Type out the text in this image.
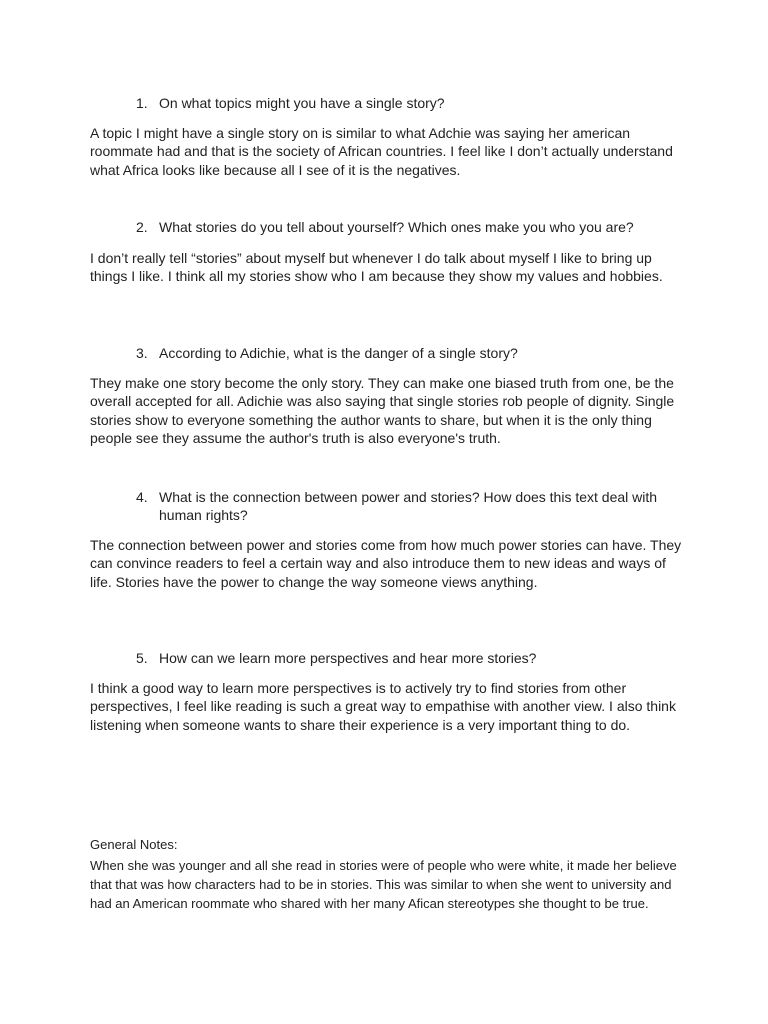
1. On what topics might you have a single story?
A topic I might have a single story on is similar to what Adchie was saying her american roommate had and that is the society of African countries. I feel like I don’t actually understand what Africa looks like because all I see of it is the negatives.
2. What stories do you tell about yourself? Which ones make you who you are?
I don’t really tell “stories” about myself but whenever I do talk about myself I like to bring up things I like. I think all my stories show who I am because they show my values and hobbies.
3. According to Adichie, what is the danger of a single story?
They make one story become the only story. They can make one biased truth from one, be the overall accepted for all. Adichie was also saying that single stories rob people of dignity. Single stories show to everyone something the author wants to share, but when it is the only thing people see they assume the author's truth is also everyone's truth.
4. What is the connection between power and stories? How does this text deal with human rights?
The connection between power and stories come from how much power stories can have. They can convince readers to feel a certain way and also introduce them to new ideas and ways of life. Stories have the power to change the way someone views anything.
5. How can we learn more perspectives and hear more stories?
I think a good way to learn more perspectives is to actively try to find stories from other perspectives, I feel like reading is such a great way to empathise with another view. I also think listening when someone wants to share their experience is a very important thing to do.
General Notes:
When she was younger and all she read in stories were of people who were white, it made her believe that that was how characters had to be in stories. This was similar to when she went to university and had an American roommate who shared with her many Afican stereotypes she thought to be true.
